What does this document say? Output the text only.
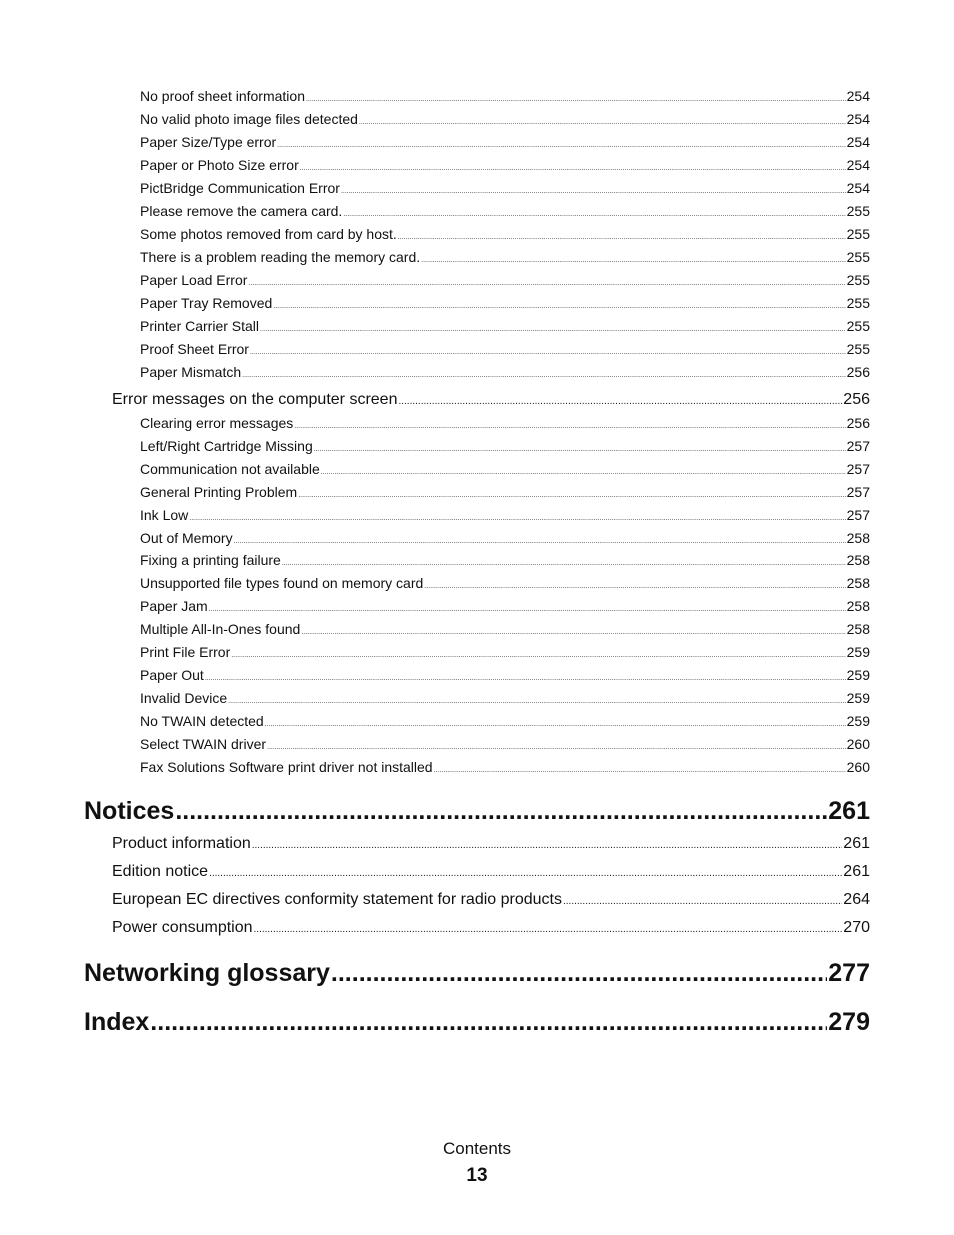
No proof sheet information .....	254
No valid photo image files detected .....	254
Paper Size/Type error .....	254
Paper or Photo Size error .....	254
PictBridge Communication Error .....	254
Please remove the camera card. .....	255
Some photos removed from card by host. .....	255
There is a problem reading the memory card. .....	255
Paper Load Error .....	255
Paper Tray Removed .....	255
Printer Carrier Stall .....	255
Proof Sheet Error .....	255
Paper Mismatch .....	256
Error messages on the computer screen .....	256
Clearing error messages .....	256
Left/Right Cartridge Missing .....	257
Communication not available .....	257
General Printing Problem .....	257
Ink Low .....	257
Out of Memory .....	258
Fixing a printing failure .....	258
Unsupported file types found on memory card .....	258
Paper Jam .....	258
Multiple All-In-Ones found .....	258
Print File Error .....	259
Paper Out .....	259
Invalid Device .....	259
No TWAIN detected .....	259
Select TWAIN driver .....	260
Fax Solutions Software print driver not installed .....	260
Notices .....	261
Product information .....	261
Edition notice .....	261
European EC directives conformity statement for radio products .....	264
Power consumption .....	270
Networking glossary .....	277
Index .....	279
Contents
13
